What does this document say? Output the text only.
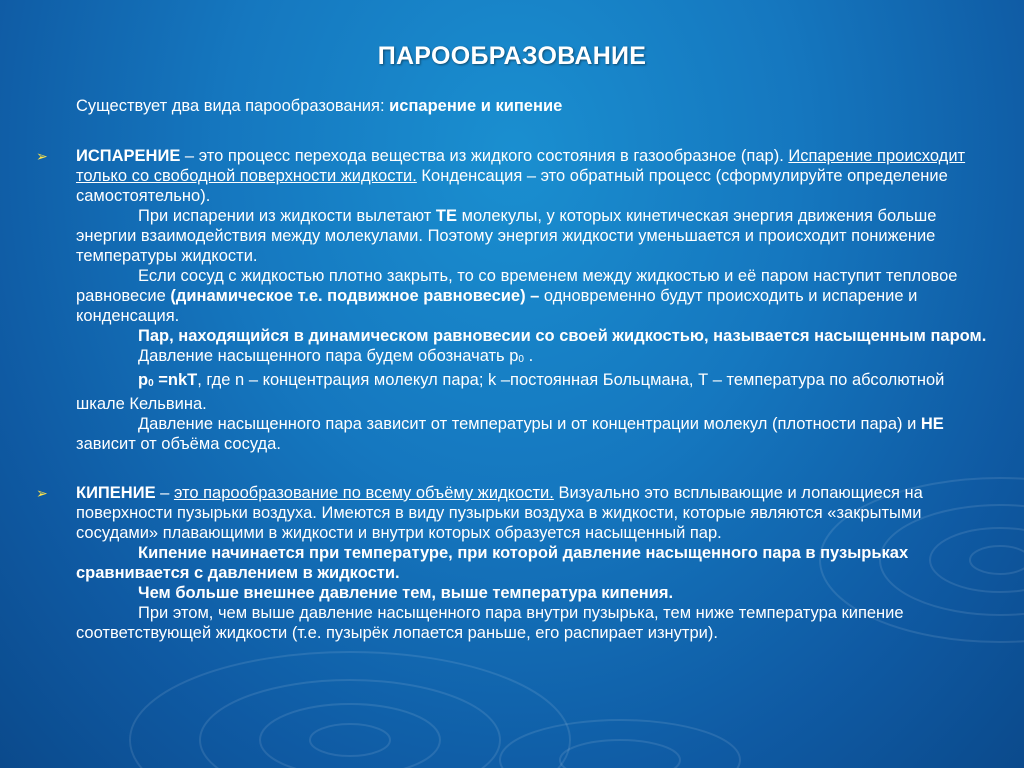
ПАРООБРАЗОВАНИЕ
Существует два вида парообразования: испарение и кипение
➢ ИСПАРЕНИЕ – это процесс перехода вещества из жидкого состояния в газообразное (пар). Испарение происходит только со свободной поверхности жидкости. Конденсация – это обратный процесс (сформулируйте определение самостоятельно).

При испарении из жидкости вылетают ТЕ молекулы, у которых кинетическая энергия движения больше энергии взаимодействия между молекулами. Поэтому энергия жидкости уменьшается и происходит понижение температуры жидкости.

Если сосуд с жидкостью плотно закрыть, то со временем между жидкостью и её паром наступит тепловое равновесие (динамическое т.е. подвижное равновесие) – одновременно будут происходить и испарение и конденсация.

Пар, находящийся в динамическом равновесии со своей жидкостью, называется насыщенным паром.

Давление насыщенного пара будем обозначать $р_0$ .

$р_0 =nkT$, где n – концентрация молекул пара; k –постоянная Больцмана, Т – температура по абсолютной шкале Кельвина.

Давление насыщенного пара зависит от температуры и от концентрации молекул (плотности пара) и НЕ зависит от объёма сосуда.

➢ КИПЕНИЕ – это парообразование по всему объёму жидкости. Визуально это всплывающие и лопающиеся на поверхности пузырьки воздуха. Имеются в виду пузырьки воздуха в жидкости, которые являются «закрытыми сосудами» плавающими в жидкости и внутри которых образуется насыщенный пар.

Кипение начинается при температуре, при которой давление насыщенного пара в пузырьках сравнивается с давлением в жидкости.

Чем больше внешнее давление тем, выше температура кипения.

При этом, чем выше давление насыщенного пара внутри пузырька, тем ниже температура кипение соответствующей жидкости (т.е. пузырёк лопается раньше, его распирает изнутри).
